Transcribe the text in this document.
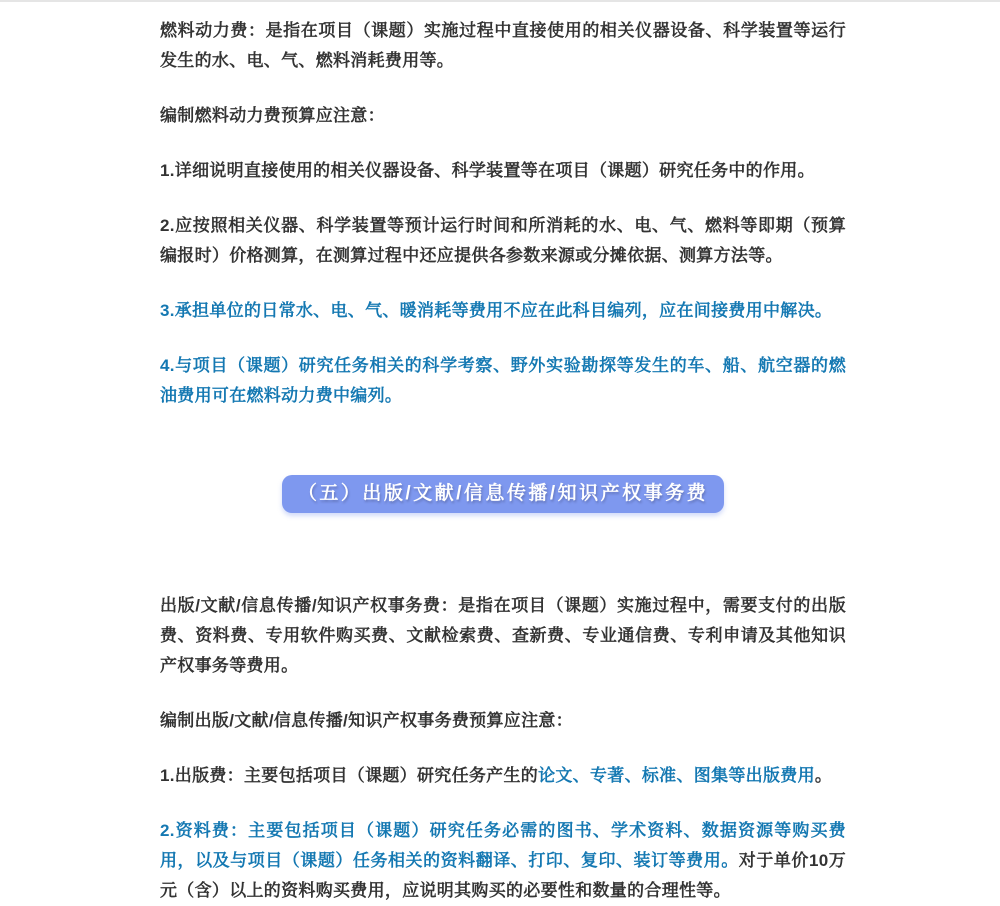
燃料动力费：是指在项目（课题）实施过程中直接使用的相关仪器设备、科学装置等运行发生的水、电、气、燃料消耗费用等。

编制燃料动力费预算应注意：

1.详细说明直接使用的相关仪器设备、科学装置等在项目（课题）研究任务中的作用。

2.应按照相关仪器、科学装置等预计运行时间和所消耗的水、电、气、燃料等即期（预算编报时）价格测算，在测算过程中还应提供各参数来源或分摊依据、测算方法等。

3.承担单位的日常水、电、气、暖消耗等费用不应在此科目编列，应在间接费用中解决。

4.与项目（课题）研究任务相关的科学考察、野外实验勘探等发生的车、船、航空器的燃油费用可在燃料动力费中编列。

（五）出版/文献/信息传播/知识产权事务费

出版/文献/信息传播/知识产权事务费：是指在项目（课题）实施过程中，需要支付的出版费、资料费、专用软件购买费、文献检索费、查新费、专业通信费、专利申请及其他知识产权事务等费用。

编制出版/文献/信息传播/知识产权事务费预算应注意：

1.出版费：主要包括项目（课题）研究任务产生的论文、专著、标准、图集等出版费用。

2.资料费：主要包括项目（课题）研究任务必需的图书、学术资料、数据资源等购买费用，以及与项目（课题）任务相关的资料翻译、打印、复印、装订等费用。对于单价10万元（含）以上的资料购买费用，应说明其购买的必要性和数量的合理性等。
